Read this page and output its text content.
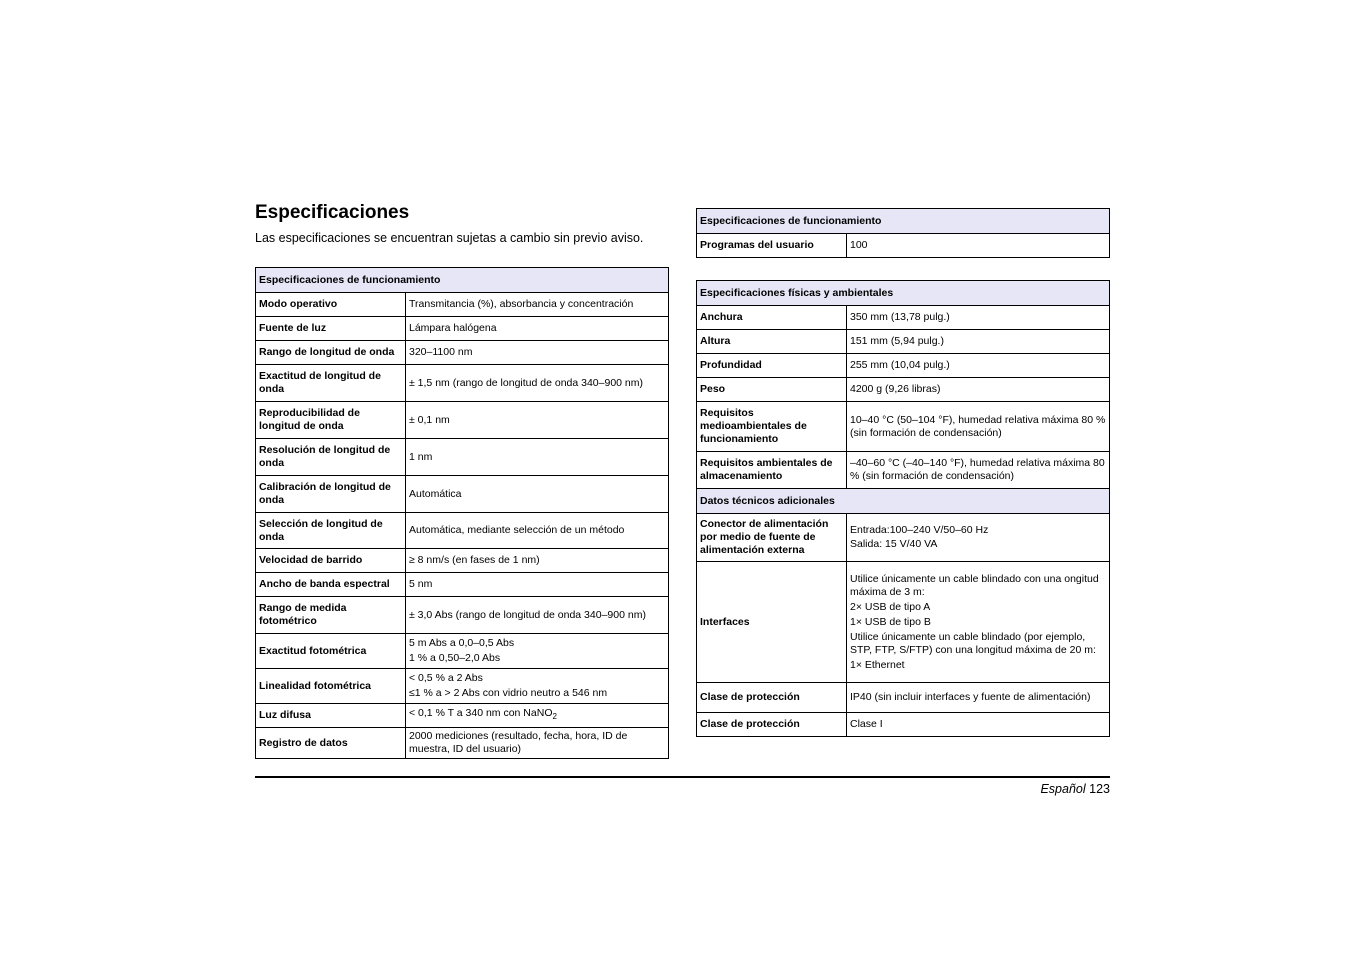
Especificaciones

Las especificaciones se encuentran sujetas a cambio sin previo aviso.

Especificaciones de funcionamiento	
Modo operativo	Transmitancia (%), absorbancia y concentración
Fuente de luz	Lámpara halógena
Rango de longitud de onda	320–1100 nm
Exactitud de longitud de onda	± 1,5 nm (rango de longitud de onda 340–900 nm)
Reproducibilidad de longitud de onda	± 0,1 nm
Resolución de longitud de onda	1 nm
Calibración de longitud de onda	Automática
Selección de longitud de onda	Automática, mediante selección de un método
Velocidad de barrido	≥ 8 nm/s (en fases de 1 nm)
Ancho de banda espectral	5 nm
Rango de medida fotométrico	± 3,0 Abs (rango de longitud de onda 340–900 nm)
Exactitud fotométrica	5 m Abs a 0,0–0,5 Abs
1 % a 0,50–2,0 Abs

Linealidad fotométrica	< 0,5 % a 2 Abs
≤1 % a > 2 Abs con vidrio neutro a 546 nm

Luz difusa	< 0,1 % T a 340 nm con NaNO$_2$
Registro de datos	2000 mediciones (resultado, fecha, hora, ID de muestra, ID del usuario)
Especificaciones de funcionamiento
Programas del usuario	100
Especificaciones físicas y ambientales	
Anchura	350 mm (13,78 pulg.)
Altura	151 mm (5,94 pulg.)
Profundidad	255 mm (10,04 pulg.)
Peso	4200 g (9,26 libras)
Requisitos medioambientales de funcionamiento	10–40 °C (50–104 °F), humedad relativa máxima 80 % (sin formación de condensación)
Requisitos ambientales de almacenamiento	–40–60 °C (–40–140 °F), humedad relativa máxima 80 % (sin formación de condensación)
Datos técnicos adicionales	
Conector de alimentación por medio de fuente de alimentación externa	Entrada:100–240 V/50–60 Hz
Salida: 15 V/40 VA

Interfaces	Utilice únicamente un cable blindado con una ongitud máxima de 3 m:
2× USB de tipo A
1× USB de tipo B
Utilice únicamente un cable blindado (por ejemplo, STP, FTP, S/FTP) con una longitud máxima de 20 m:
1× Ethernet

Clase de protección	IP40 (sin incluir interfaces y fuente de alimentación)
Clase de protección	Clase I
Español 123
